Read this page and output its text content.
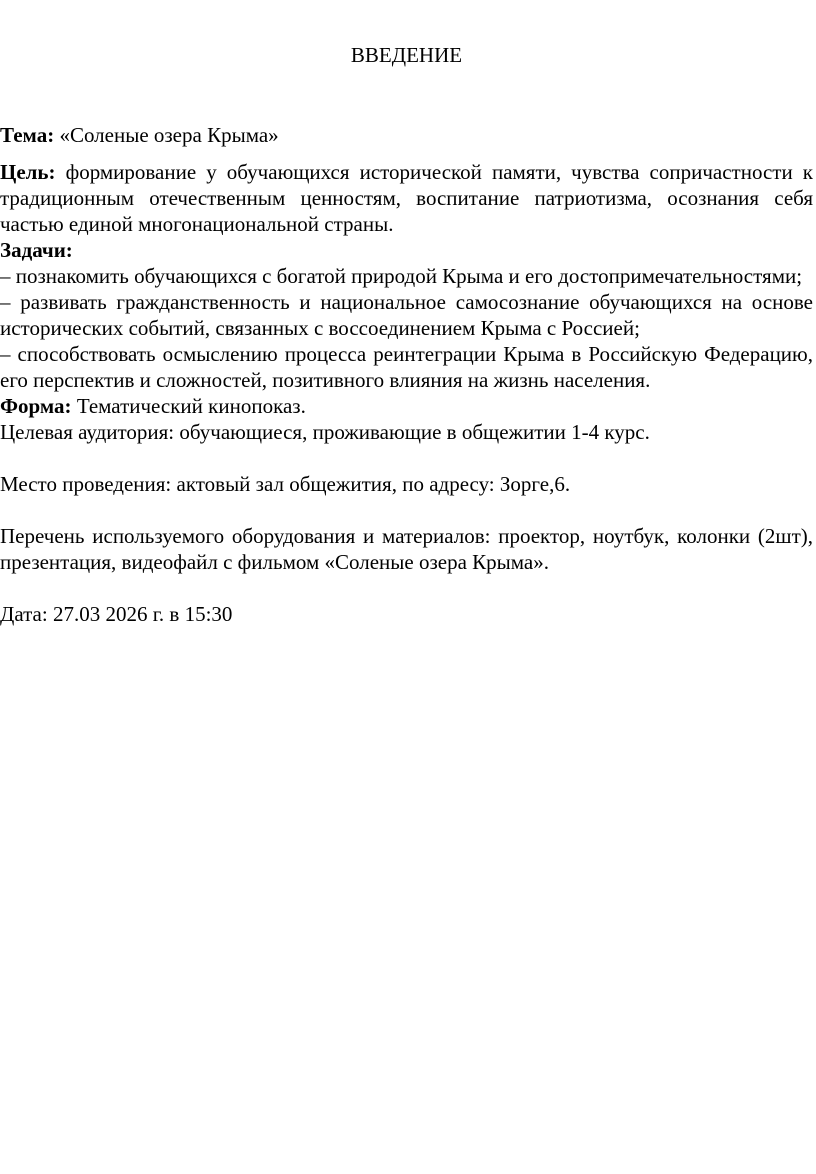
ВВЕДЕНИЕ

Тема: «Соленые озера Крыма»

Цель: формирование у обучающихся исторической памяти, чувства сопричастности к традиционным отечественным ценностям, воспитание патриотизма, осознания себя частью единой многонациональной страны.

Задачи:

– познакомить обучающихся с богатой природой Крыма и его достопримечательностями;

– развивать гражданственность и национальное самосознание обучающихся на основе исторических событий, связанных с воссоединением Крыма с Россией;

– способствовать осмыслению процесса реинтеграции Крыма в Российскую Федерацию, его перспектив и сложностей, позитивного влияния на жизнь населения.

Форма: Тематический кинопоказ.

Целевая аудитория: обучающиеся, проживающие в общежитии 1-4 курс.

Место проведения: актовый зал общежития, по адресу: Зорге,6.

Перечень используемого оборудования и материалов: проектор, ноутбук, колонки (2шт), презентация, видеофайл с фильмом «Соленые озера Крыма».

Дата: 27.03 2026 г. в 15:30
